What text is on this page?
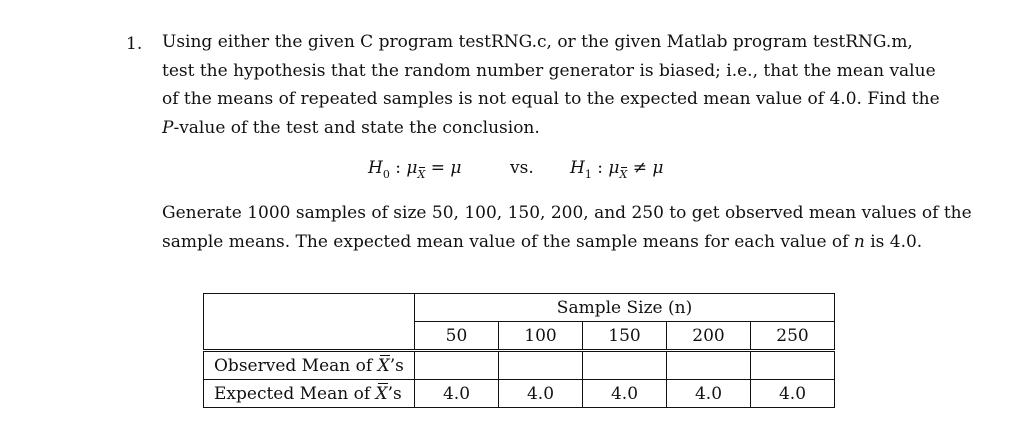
1. Using either the given C program testRNG.c, or the given Matlab program testRNG.m,
test the hypothesis that the random number generator is biased; i.e., that the mean value
of the means of repeated samples is not equal to the expected mean value of 4.0. Find the
P-value of the test and state the conclusion.
$H_0$ : $\mu_X = \mu$	vs. $H_1$ : $\mu_X \ne \mu$
Generate 1000 samples of size 50, 100, 150, 200, and 250 to get observed mean values of the
sample means. The expected mean value of the sample means for each value of n is 4.0.
	Sample Size (n)				
	50	100	150	200	250
Observed Mean of X’s					
Expected Mean of X’s	4.0	4.0	4.0	4.0	4.0
